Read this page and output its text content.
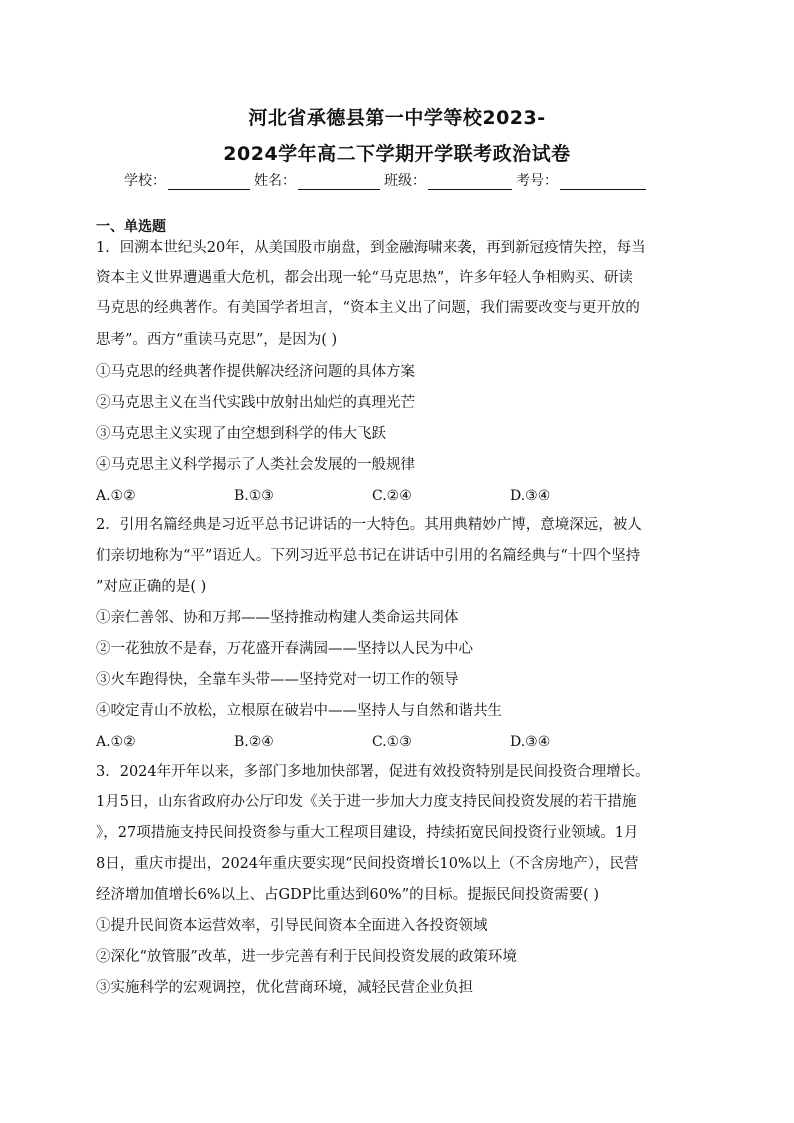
河北省承德县第一中学等校2023-
2024学年高二下学期开学联考政治试卷
学校：	姓名：	班级：	考号：
一、单选题
1．回溯本世纪头20年，从美国股市崩盘，到金融海啸来袭，再到新冠疫情失控，每当
资本主义世界遭遇重大危机，都会出现一轮“马克思热”，许多年轻人争相购买、研读
马克思的经典著作。有美国学者坦言，“资本主义出了问题，我们需要改变与更开放的
思考”。西方“重读马克思”，是因为( )
①马克思的经典著作提供解决经济问题的具体方案
②马克思主义在当代实践中放射出灿烂的真理光芒
③马克思主义实现了由空想到科学的伟大飞跃
④马克思主义科学揭示了人类社会发展的一般规律
A.①②	B.①③	C.②④	D.③④
2．引用名篇经典是习近平总书记讲话的一大特色。其用典精妙广博，意境深远，被人
们亲切地称为“平”语近人。下列习近平总书记在讲话中引用的名篇经典与“十四个坚持
”对应正确的是( )
①亲仁善邻、协和万邦——坚持推动构建人类命运共同体
②一花独放不是春，万花盛开春满园——坚持以人民为中心
③火车跑得快，全靠车头带——坚持党对一切工作的领导
④咬定青山不放松，立根原在破岩中——坚持人与自然和谐共生
A.①②	B.②④	C.①③	D.③④
3．2024年开年以来，多部门多地加快部署，促进有效投资特别是民间投资合理增长。
1月5日，山东省政府办公厅印发《关于进一步加大力度支持民间投资发展的若干措施
》，27项措施支持民间投资参与重大工程项目建设，持续拓宽民间投资行业领域。1月
8日，重庆市提出，2024年重庆要实现“民间投资增长10%以上（不含房地产），民营
经济增加值增长6%以上、占GDP比重达到60%”的目标。提振民间投资需要( )
①提升民间资本运营效率，引导民间资本全面进入各投资领域
②深化“放管服”改革，进一步完善有利于民间投资发展的政策环境
③实施科学的宏观调控，优化营商环境，减轻民营企业负担
